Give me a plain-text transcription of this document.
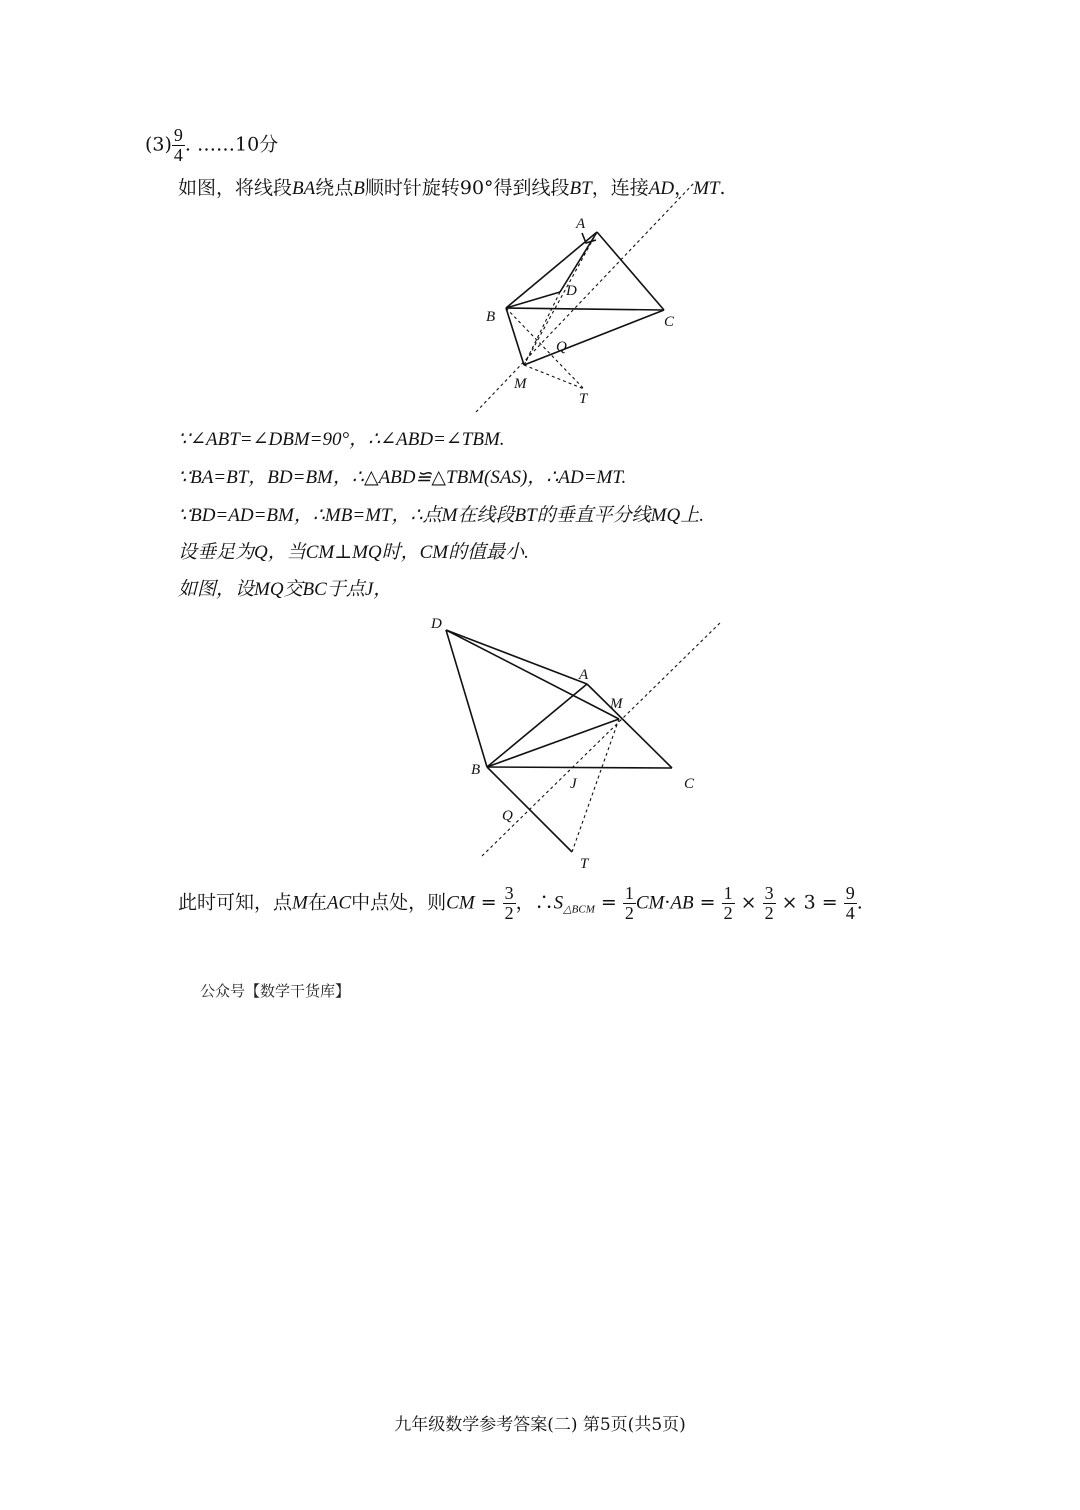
$(3) \frac{9}{4}$ . ……10分
如图，将线段BA绕点B顺时针旋转90°得到线段BT，连接AD，MT.
A
D
B	C
Q
M
T
D
A
M
B
J	C
Q
T
∵∠ABT=∠DBM=90°，∴∠ABD=∠TBM.
∵BA=BT，BD=BM，∴△ABD≌△TBM(SAS)，∴AD=MT.
∵BD=AD=BM，∴MB=MT，∴点M在线段BT的垂直平分线MQ上.
设垂足为Q，当CM⊥MQ时，CM的值最小.
如图，设MQ交BC于点J，
此时可知，点M在AC中点处，则CM = $\frac{3}{2}$ ，$\therefore S_{\triangle BCM} = \frac{1}{2} CM\cdot AB = \frac{1}{2} \times \frac{3}{2} \times 3 = \frac{9}{4}$ .
公众号【数学干货库】
九年级数学参考答案(二) 第5页(共5页)
